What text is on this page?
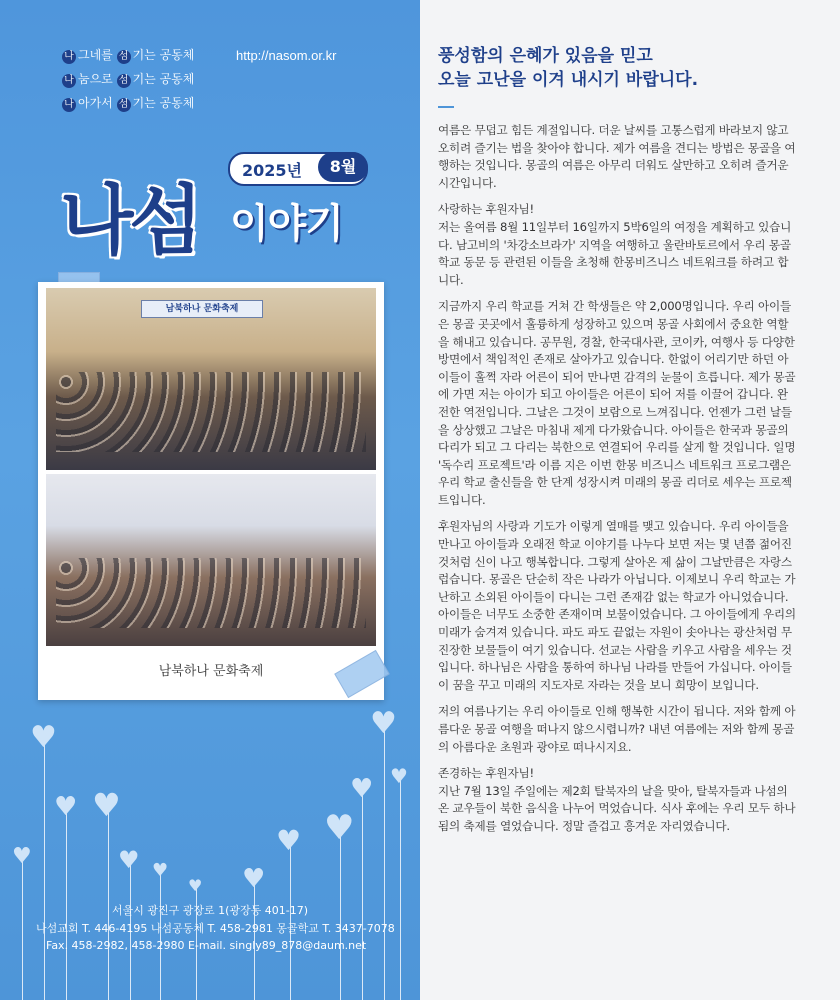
나 그네를 섬 기는 공동체
나 눔으로 섬 기는 공동체
나 아가서 섬 기는 공동체
http://nasom.or.kr
2025년	8월
나섬 이야기
남북하나 문화축제
남북하나 문화축제
♥
♥ ♥
♥	♥
♥
♥ ♥
♥
♥
♥
♥
♥
서울시 광진구 광장로 1(광장동 401-17)
나섬교회 T. 446-4195 나섬공동체 T. 458-2981 몽골학교 T. 3437-7078
Fax. 458-2982, 458-2980 E-mail. singly89_878@daum.net
풍성함의 은혜가 있음을 믿고
오늘 고난을 이겨 내시기 바랍니다.

여름은 무덥고 힘든 계절입니다. 더운 날씨를 고통스럽게 바라보지 않고 오히려 즐기는 법을 찾아야 합니다. 제가 여름을 견디는 방법은 몽골을 여행하는 것입니다. 몽골의 여름은 아무리 더워도 살만하고 오히려 즐거운 시간입니다.

사랑하는 후원자님!
저는 올여름 8월 11일부터 16일까지 5박6일의 여정을 계획하고 있습니다. 남고비의 '차강소브라가' 지역을 여행하고 울란바토르에서 우리 몽골학교 동문 등 관련된 이들을 초청해 한몽비즈니스 네트워크를 하려고 합니다.

지금까지 우리 학교를 거쳐 간 학생들은 약 2,000명입니다. 우리 아이들은 몽골 곳곳에서 훌륭하게 성장하고 있으며 몽골 사회에서 중요한 역할을 해내고 있습니다. 공무원, 경찰, 한국대사관, 코이카, 여행사 등 다양한 방면에서 책임적인 존재로 살아가고 있습니다. 한없이 어리기만 하던 아이들이 훌쩍 자라 어른이 되어 만나면 감격의 눈물이 흐릅니다. 제가 몽골에 가면 저는 아이가 되고 아이들은 어른이 되어 저를 이끌어 갑니다. 완전한 역전입니다. 그날은 그것이 보람으로 느껴집니다. 언젠가 그런 날들을 상상했고 그날은 마침내 제게 다가왔습니다. 아이들은 한국과 몽골의 다리가 되고 그 다리는 북한으로 연결되어 우리를 살게 할 것입니다. 일명 '독수리 프로젝트'라 이름 지은 이번 한몽 비즈니스 네트워크 프로그램은 우리 학교 출신들을 한 단계 성장시켜 미래의 몽골 리더로 세우는 프로젝트입니다.

후원자님의 사랑과 기도가 이렇게 열매를 맺고 있습니다. 우리 아이들을 만나고 아이들과 오래전 학교 이야기를 나누다 보면 저는 몇 년쯤 젊어진 것처럼 신이 나고 행복합니다. 그렇게 살아온 제 삶이 그날만큼은 자랑스럽습니다. 몽골은 단순히 작은 나라가 아닙니다. 이제보니 우리 학교는 가난하고 소외된 아이들이 다니는 그런 존재감 없는 학교가 아니었습니다. 아이들은 너무도 소중한 존재이며 보물이었습니다. 그 아이들에게 우리의 미래가 숨겨져 있습니다. 파도 파도 끝없는 자원이 솟아나는 광산처럼 무진장한 보물들이 여기 있습니다. 선교는 사람을 키우고 사람을 세우는 것입니다. 하나님은 사람을 통하여 하나님 나라를 만들어 가십니다. 아이들이 꿈을 꾸고 미래의 지도자로 자라는 것을 보니 희망이 보입니다.

저의 여름나기는 우리 아이들로 인해 행복한 시간이 됩니다. 저와 함께 아름다운 몽골 여행을 떠나지 않으시렵니까? 내년 여름에는 저와 함께 몽골의 아름다운 초원과 광야로 떠나시지요.

존경하는 후원자님!
지난 7월 13일 주일에는 제2회 탈북자의 날을 맞아, 탈북자들과 나섬의 온 교우들이 북한 음식을 나누어 먹었습니다. 식사 후에는 우리 모두 하나 됨의 축제를 열었습니다. 정말 즐겁고 흥겨운 자리였습니다.
